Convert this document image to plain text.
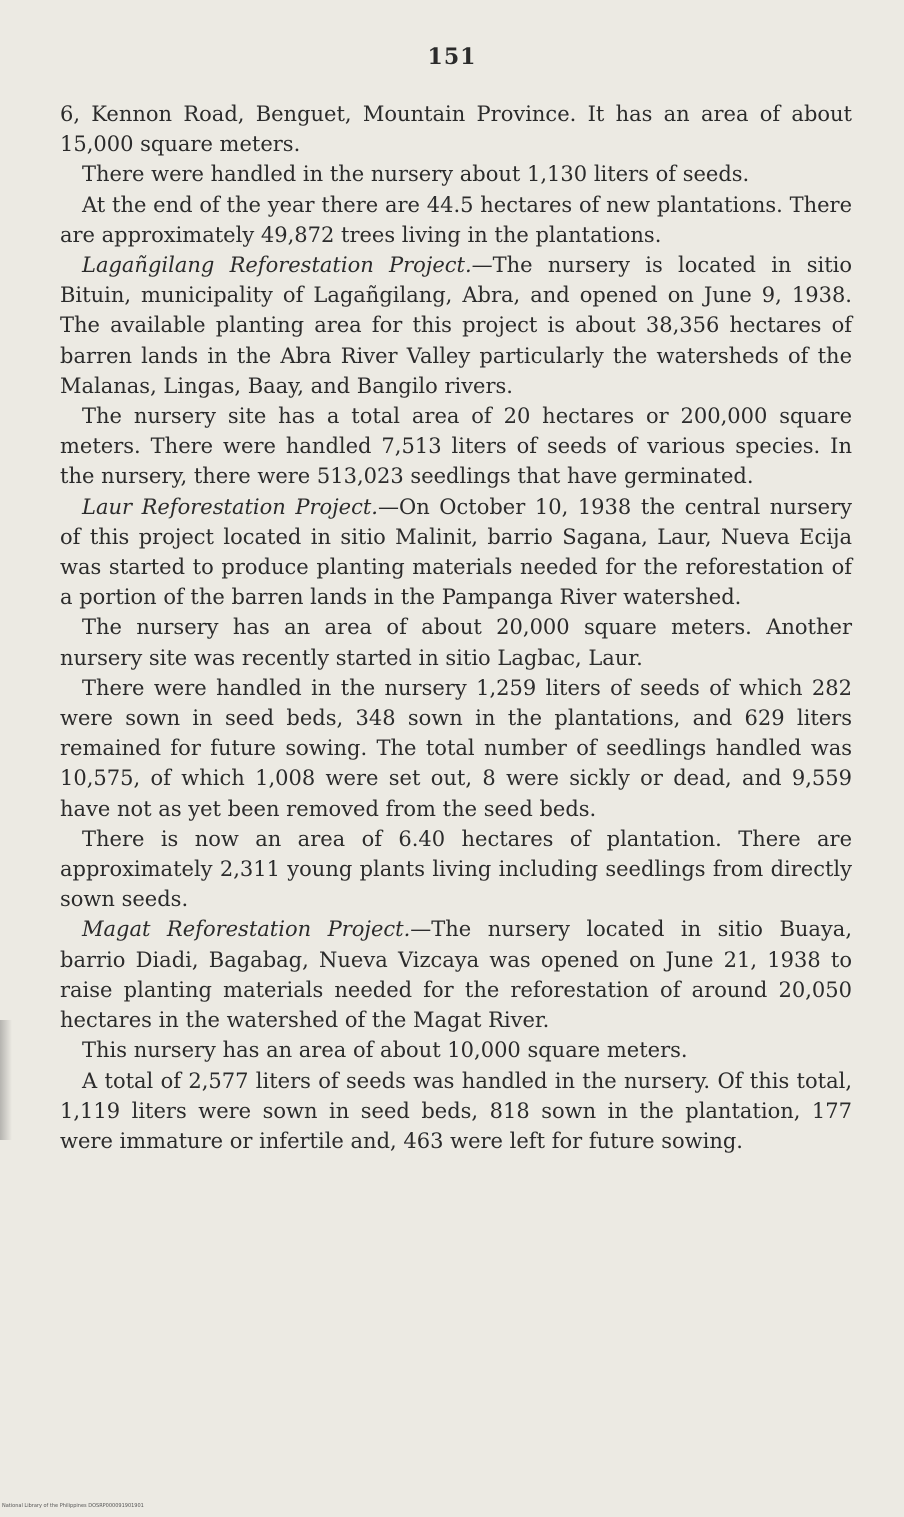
151

6, Kennon Road, Benguet, Mountain Province. It has an area of about 15,000 square meters.

There were handled in the nursery about 1,130 liters of seeds.

At the end of the year there are 44.5 hectares of new plantations. There are approximately 49,872 trees living in the plantations.

Lagañgilang Reforestation Project.—The nursery is located in sitio Bituin, municipality of Lagañgilang, Abra, and opened on June 9, 1938. The available planting area for this project is about 38,356 hectares of barren lands in the Abra River Valley particularly the watersheds of the Malanas, Lingas, Baay, and Bangilo rivers.

The nursery site has a total area of 20 hectares or 200,000 square meters. There were handled 7,513 liters of seeds of various species. In the nursery, there were 513,023 seedlings that have germinated.

Laur Reforestation Project.—On October 10, 1938 the central nursery of this project located in sitio Malinit, barrio Sagana, Laur, Nueva Ecija was started to produce planting materials needed for the reforestation of a portion of the barren lands in the Pampanga River watershed.

The nursery has an area of about 20,000 square meters. Another nursery site was recently started in sitio Lagbac, Laur.

There were handled in the nursery 1,259 liters of seeds of which 282 were sown in seed beds, 348 sown in the plantations, and 629 liters remained for future sowing. The total number of seedlings handled was 10,575, of which 1,008 were set out, 8 were sickly or dead, and 9,559 have not as yet been removed from the seed beds.

There is now an area of 6.40 hectares of plantation. There are approximately 2,311 young plants living including seedlings from directly sown seeds.

Magat Reforestation Project.—The nursery located in sitio Buaya, barrio Diadi, Bagabag, Nueva Vizcaya was opened on June 21, 1938 to raise planting materials needed for the reforestation of around 20,050 hectares in the watershed of the Magat River.

This nursery has an area of about 10,000 square meters.

A total of 2,577 liters of seeds was handled in the nursery. Of this total, 1,119 liters were sown in seed beds, 818 sown in the plantation, 177 were immature or infertile and, 463 were left for future sowing.

National Library of the Philippines DOSRP000091901901
